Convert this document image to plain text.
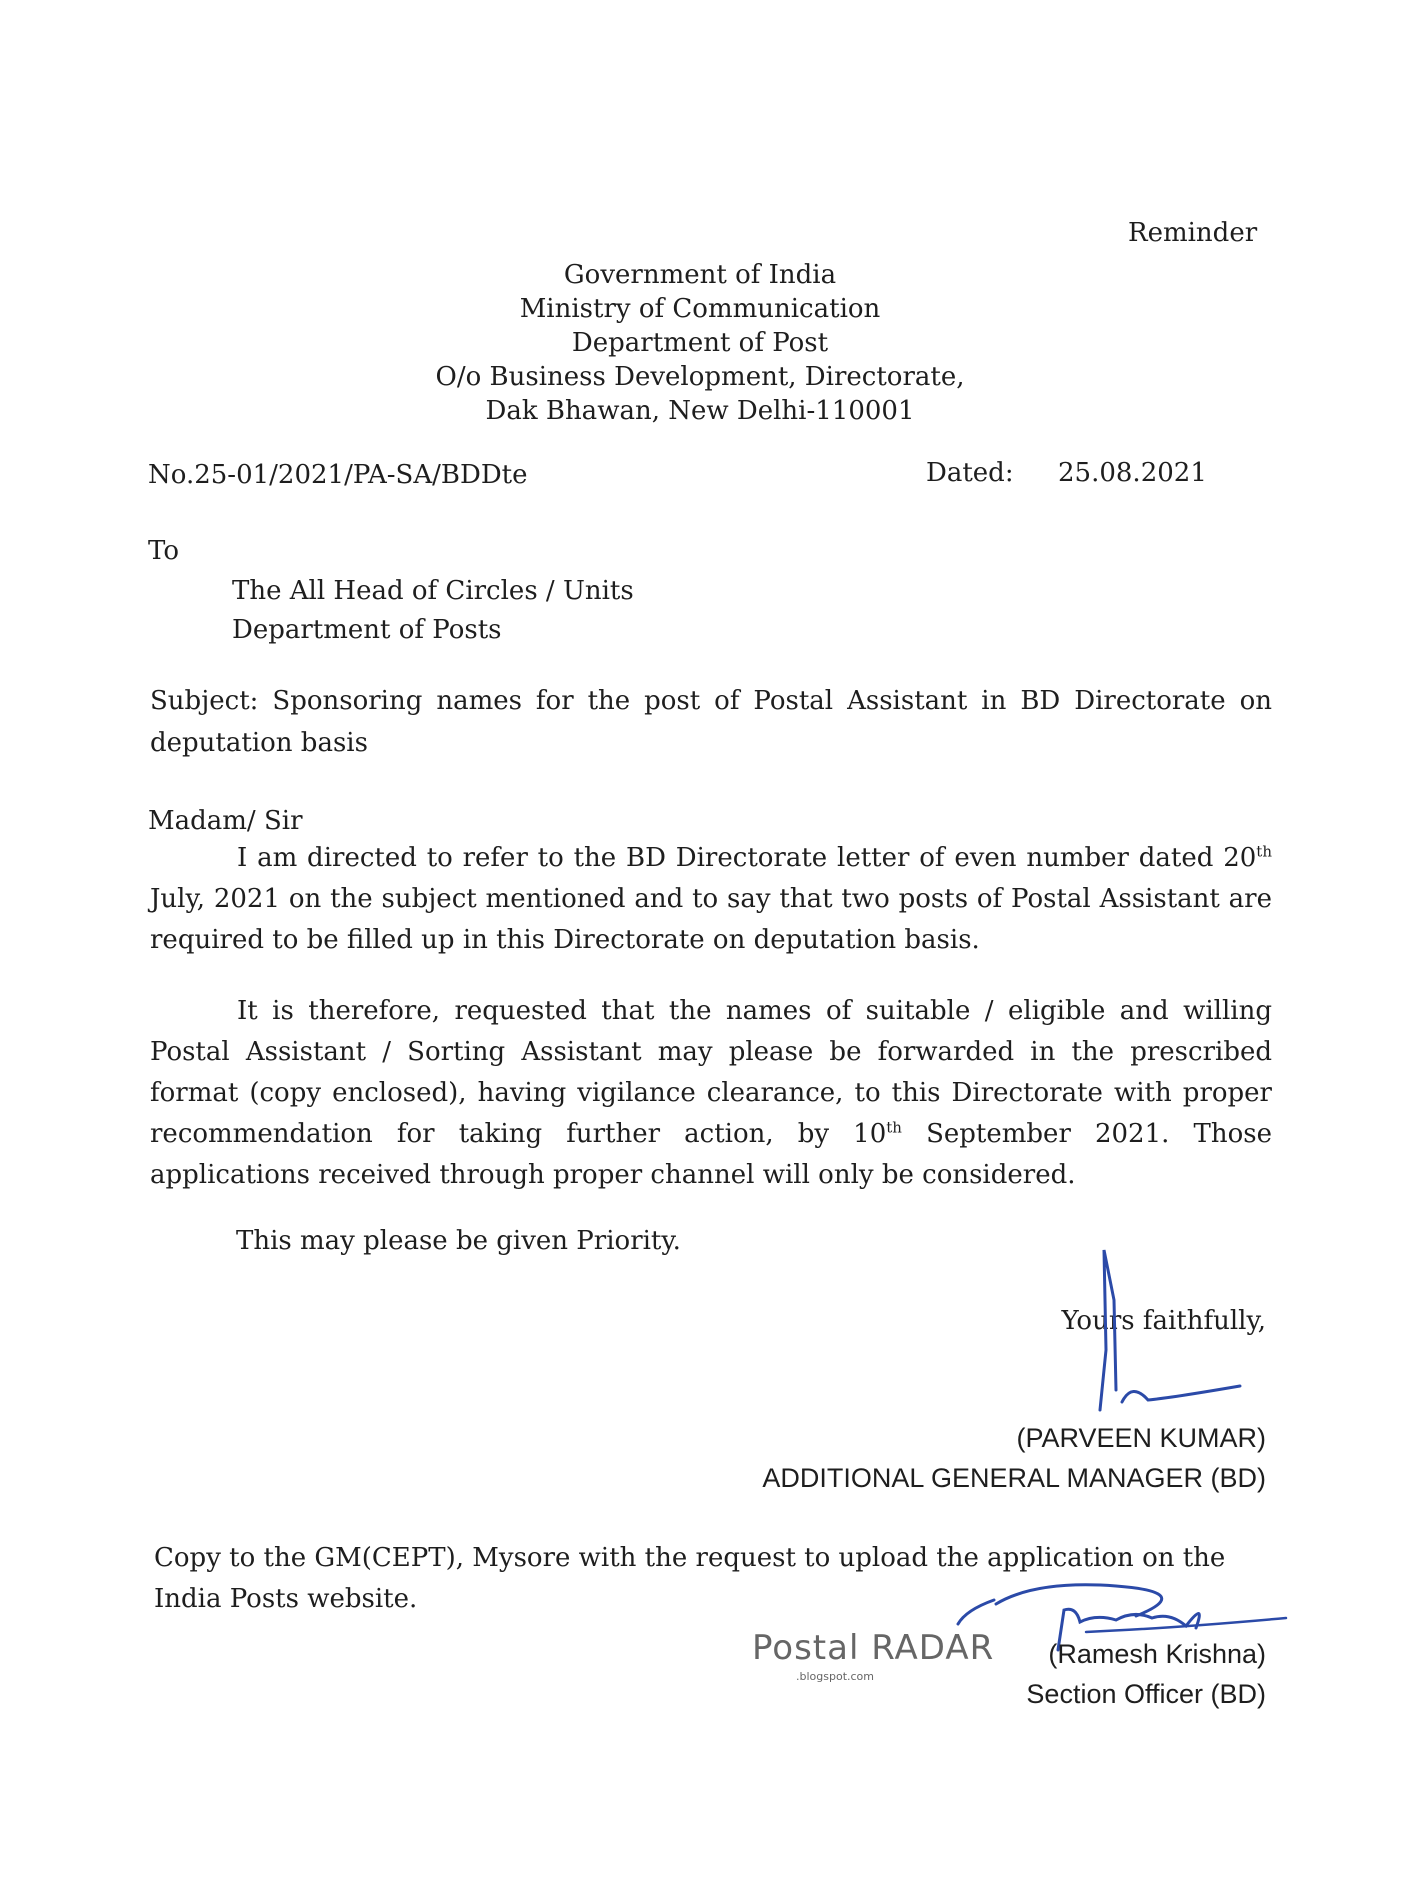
Reminder
Government of India
Ministry of Communication
Department of Post
O/o Business Development, Directorate,
Dak Bhawan, New Delhi-110001
No.25-01/2021/PA-SA/BDDte	Dated: 25.08.2021
To
The All Head of Circles / Units
Department of Posts
Subject: Sponsoring names for the post of Postal Assistant in BD Directorate on deputation basis
Madam/ Sir
I am directed to refer to the BD Directorate letter of even number dated 20th July, 2021 on the subject mentioned and to say that two posts of Postal Assistant are required to be filled up in this Directorate on deputation basis.
It is therefore, requested that the names of suitable / eligible and willing Postal Assistant / Sorting Assistant may please be forwarded in the prescribed format (copy enclosed), having vigilance clearance, to this Directorate with proper recommendation for taking further action, by 10th September 2021. Those applications received through proper channel will only be considered.
This may please be given Priority.
Yours faithfully,
(PARVEEN KUMAR)
ADDITIONAL GENERAL MANAGER (BD)
Copy to the GM(CEPT), Mysore with the request to upload the application on the India Posts website.
Postal RADAR
.blogspot.com
(Ramesh Krishna)
Section Officer (BD)
